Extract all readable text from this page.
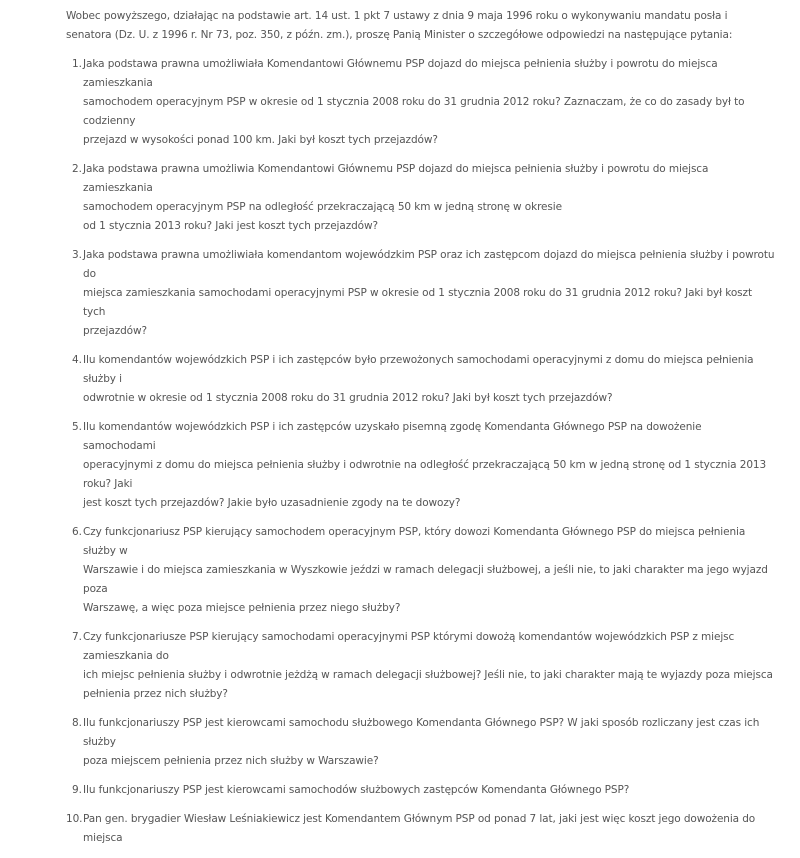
Wobec powyższego, działając na podstawie art. 14 ust. 1 pkt 7 ustawy z dnia 9 maja 1996 roku o wykonywaniu mandatu posła i senatora (Dz. U. z 1996 r. Nr 73, poz. 350, z późn. zm.), proszę Panią Minister o szczegółowe odpowiedzi na następujące pytania:

1. Jaka podstawa prawna umożliwiała Komendantowi Głównemu PSP dojazd do miejsca pełnienia służby i powrotu do miejsca zamieszkania
samochodem operacyjnym PSP w okresie od 1 stycznia 2008 roku do 31 grudnia 2012 roku? Zaznaczam, że co do zasady był to codzienny
przejazd w wysokości ponad 100 km. Jaki był koszt tych przejazdów?
2. Jaka podstawa prawna umożliwia Komendantowi Głównemu PSP dojazd do miejsca pełnienia służby i powrotu do miejsca zamieszkania
samochodem operacyjnym PSP na odległość przekraczającą 50 km w jedną stronę w okresie
od 1 stycznia 2013 roku? Jaki jest koszt tych przejazdów?
3. Jaka podstawa prawna umożliwiała komendantom wojewódzkim PSP oraz ich zastępcom dojazd do miejsca pełnienia służby i powrotu do
miejsca zamieszkania samochodami operacyjnymi PSP w okresie od 1 stycznia 2008 roku do 31 grudnia 2012 roku? Jaki był koszt tych
przejazdów?
4. Ilu komendantów wojewódzkich PSP i ich zastępców było przewożonych samochodami operacyjnymi z domu do miejsca pełnienia służby i
odwrotnie w okresie od 1 stycznia 2008 roku do 31 grudnia 2012 roku? Jaki był koszt tych przejazdów?
5. Ilu komendantów wojewódzkich PSP i ich zastępców uzyskało pisemną zgodę Komendanta Głównego PSP na dowożenie samochodami
operacyjnymi z domu do miejsca pełnienia służby i odwrotnie na odległość przekraczającą 50 km w jedną stronę od 1 stycznia 2013 roku? Jaki
jest koszt tych przejazdów? Jakie było uzasadnienie zgody na te dowozy?
6. Czy funkcjonariusz PSP kierujący samochodem operacyjnym PSP, który dowozi Komendanta Głównego PSP do miejsca pełnienia służby w
Warszawie i do miejsca zamieszkania w Wyszkowie jeździ w ramach delegacji służbowej, a jeśli nie, to jaki charakter ma jego wyjazd poza
Warszawę, a więc poza miejsce pełnienia przez niego służby?
7. Czy funkcjonariusze PSP kierujący samochodami operacyjnymi PSP którymi dowożą komendantów wojewódzkich PSP z miejsc zamieszkania do
ich miejsc pełnienia służby i odwrotnie jeżdżą w ramach delegacji służbowej? Jeśli nie, to jaki charakter mają te wyjazdy poza miejsca
pełnienia przez nich służby?
8. Ilu funkcjonariuszy PSP jest kierowcami samochodu służbowego Komendanta Głównego PSP? W jaki sposób rozliczany jest czas ich służby
poza miejscem pełnienia przez nich służby w Warszawie?
9. Ilu funkcjonariuszy PSP jest kierowcami samochodów służbowych zastępców Komendanta Głównego PSP?
10. Pan gen. brygadier Wiesław Leśniakiewicz jest Komendantem Głównym PSP od ponad 7 lat, jaki jest więc koszt jego dowożenia do miejsca
